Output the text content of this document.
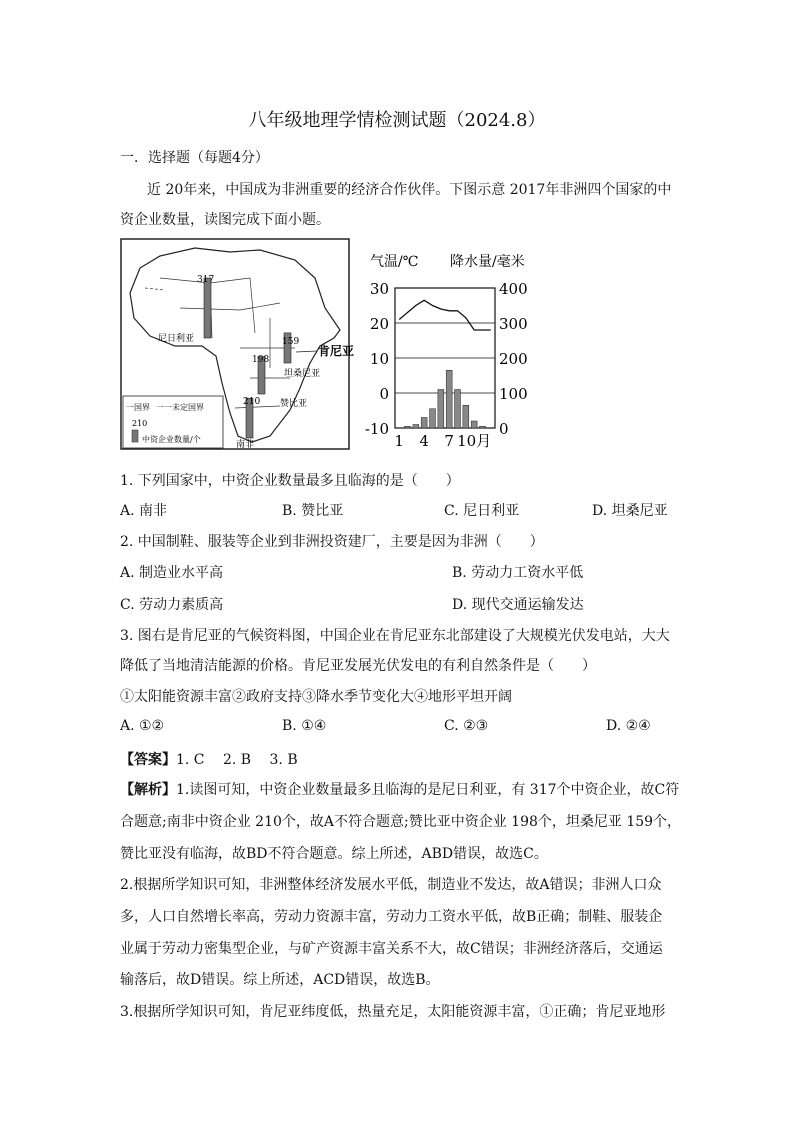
八年级地理学情检测试题（2024.8）
一．选择题（每题4分）
近 20年来，中国成为非洲重要的经济合作伙伴。下图示意 2017年非洲四个国家的中
资企业数量，读图完成下面小题。
317
尼日利亚	159
肯尼亚
198
坦桑尼亚
赞比亚
210
南非
一国界 一一未定国界
210
中资企业数量/个
气温/℃ 降水量/毫米
30	400
20	300
10	200
0	100
-10	0
1 4 7 10月
1. 下列国家中，中资企业数量最多且临海的是（　　）
A. 南非	B. 赞比亚	C. 尼日利亚	D. 坦桑尼亚
2. 中国制鞋、服装等企业到非洲投资建厂，主要是因为非洲（　　）
A. 制造业水平高	B. 劳动力工资水平低
C. 劳动力素质高	D. 现代交通运输发达
3. 图右是肯尼亚的气候资料图，中国企业在肯尼亚东北部建设了大规模光伏发电站，大大
降低了当地清洁能源的价格。肯尼亚发展光伏发电的有利自然条件是（　　）
①太阳能资源丰富②政府支持③降水季节变化大④地形平坦开阔
A. ①②	B. ①④	C. ②③	D. ②④
【答案】1. C　 2. B　 3. B
【解析】1.读图可知，中资企业数量最多且临海的是尼日利亚，有 317个中资企业，故C符
合题意;南非中资企业 210个，故A不符合题意;赞比亚中资企业 198个，坦桑尼亚 159个，
赞比亚没有临海，故BD不符合题意。综上所述，ABD错误，故选C。
2.根据所学知识可知，非洲整体经济发展水平低，制造业不发达，故A错误；非洲人口众
多，人口自然增长率高，劳动力资源丰富，劳动力工资水平低，故B正确；制鞋、服装企
业属于劳动力密集型企业，与矿产资源丰富关系不大，故C错误；非洲经济落后，交通运
输落后，故D错误。综上所述，ACD错误，故选B。
3.根据所学知识可知，肯尼亚纬度低，热量充足，太阳能资源丰富，①正确；肯尼亚地形
